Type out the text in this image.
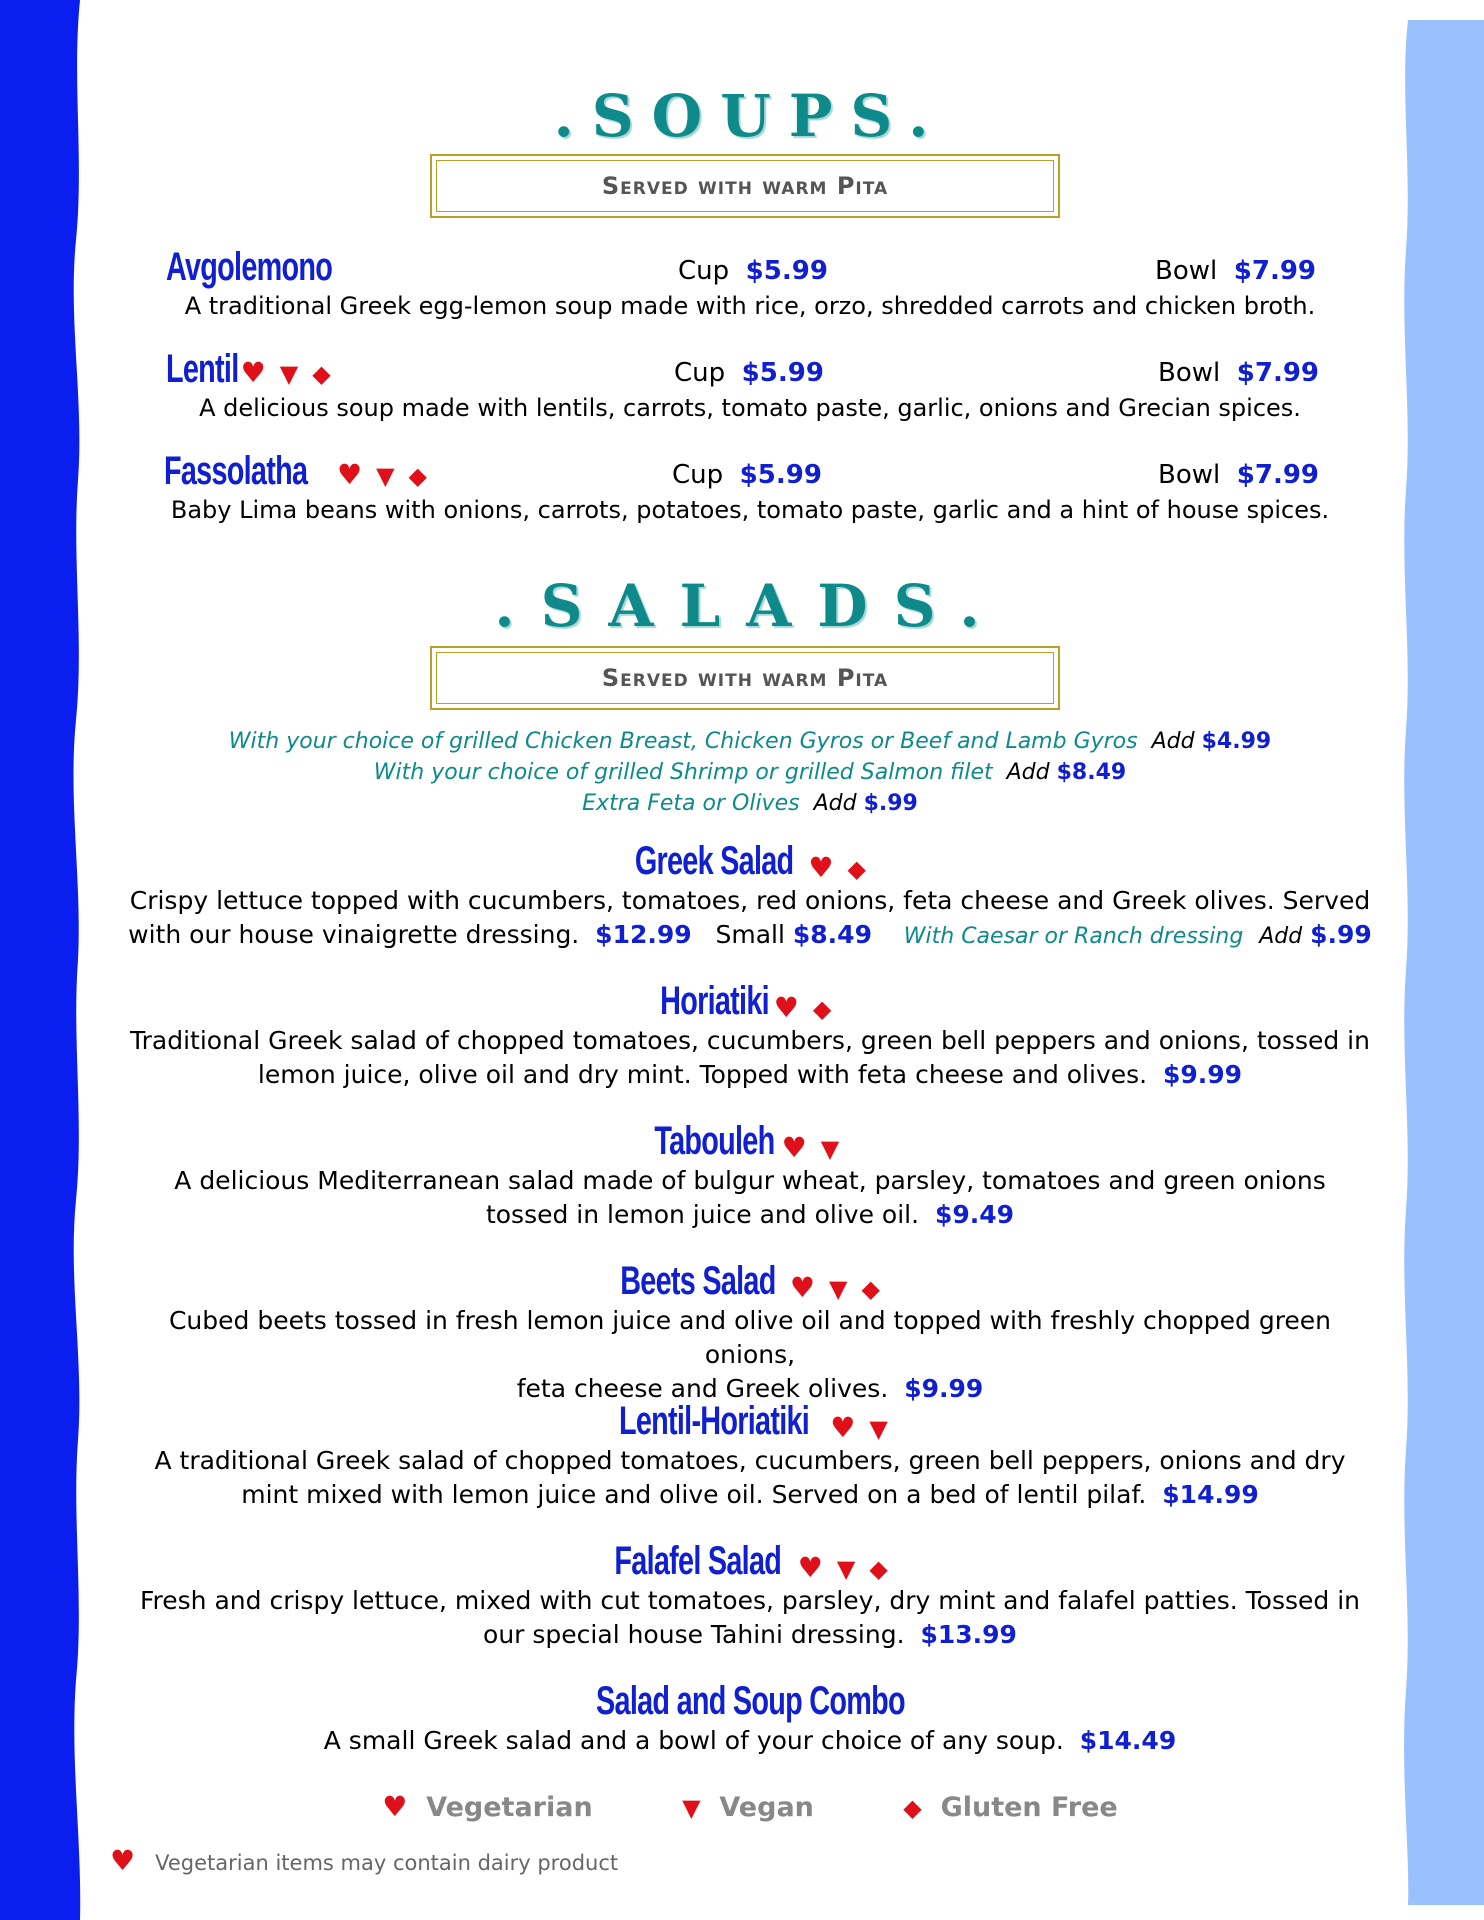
.SOUPS.
Served with warm Pita
Avgolemono	Cup $5.99	Bowl $7.99
A traditional Greek egg-lemon soup made with rice, orzo, shredded carrots and chicken broth.
Lentil♥ ▼ ◆	Cup $5.99	Bowl $7.99
A delicious soup made with lentils, carrots, tomato paste, garlic, onions and Grecian spices.
Fassolatha ♥ ▼ ◆	Cup $5.99	Bowl $7.99
Baby Lima beans with onions, carrots, potatoes, tomato paste, garlic and a hint of house spices.
.SALADS.
Served with warm Pita
With your choice of grilled Chicken Breast, Chicken Gyros or Beef and Lamb Gyros Add $4.99
With your choice of grilled Shrimp or grilled Salmon filet Add $8.49
Extra Feta or Olives Add $.99
Greek Salad ♥ ◆
Crispy lettuce topped with cucumbers, tomatoes, red onions, feta cheese and Greek olives. Served
with our house vinaigrette dressing. $12.99 Small $8.49 With Caesar or Ranch dressing Add $.99
Horiatiki ♥ ◆
Traditional Greek salad of chopped tomatoes, cucumbers, green bell peppers and onions, tossed in
lemon juice, olive oil and dry mint. Topped with feta cheese and olives. $9.99
Tabouleh ♥ ▼
A delicious Mediterranean salad made of bulgur wheat, parsley, tomatoes and green onions
tossed in lemon juice and olive oil. $9.49
Beets Salad ♥ ▼ ◆
Cubed beets tossed in fresh lemon juice and olive oil and topped with freshly chopped green onions,
feta cheese and Greek olives. $9.99
Lentil-Horiatiki ♥ ▼
A traditional Greek salad of chopped tomatoes, cucumbers, green bell peppers, onions and dry
mint mixed with lemon juice and olive oil. Served on a bed of lentil pilaf. $14.99
Falafel Salad ♥ ▼ ◆
Fresh and crispy lettuce, mixed with cut tomatoes, parsley, dry mint and falafel patties. Tossed in
our special house Tahini dressing. $13.99
Salad and Soup Combo
A small Greek salad and a bowl of your choice of any soup. $14.49
♥ Vegetarian	▼ Vegan	◆ Gluten Free
♥ Vegetarian items may contain dairy product
